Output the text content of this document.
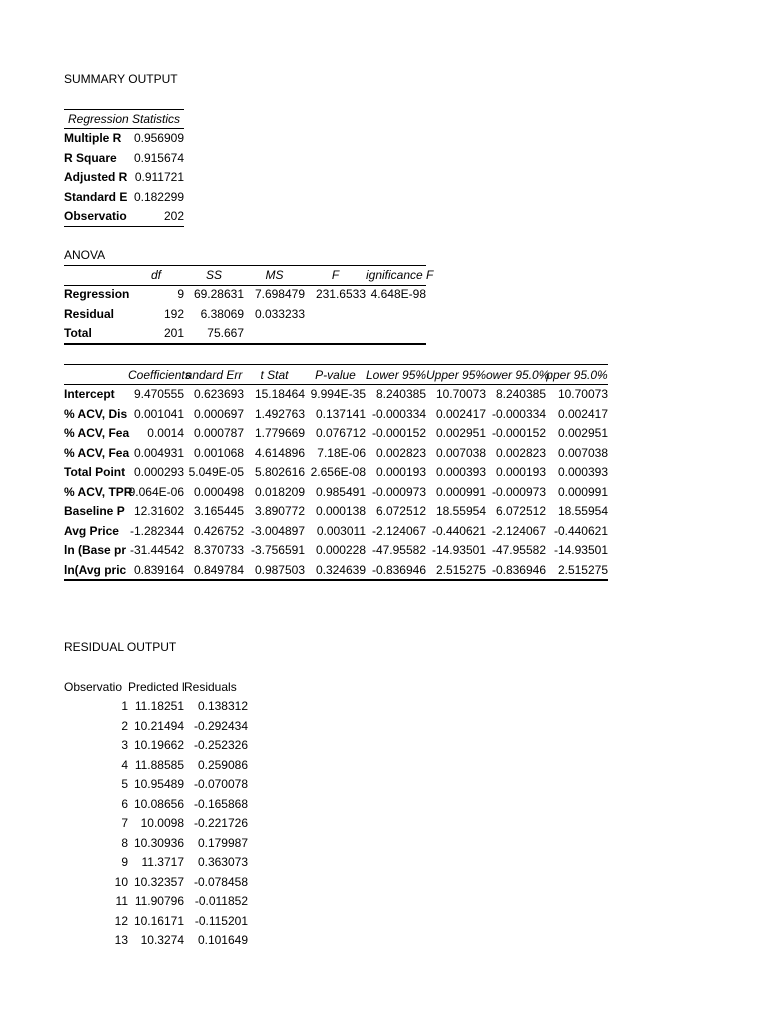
SUMMARY OUTPUT
Regression Statistics	
Multiple R	0.956909
R Square	0.915674
Adjusted R	0.911721
Standard E	0.182299
Observatio	202
ANOVA
	df	SS	MS	F	ignificance F
Regression	9	69.28631	7.698479	231.6533	4.648E-98
Residual	192	6.38069	0.033233		
Total	201	75.667			
	Coefficients	andard Err	t Stat	P-value	Lower 95%	Upper 95%	ower 95.0%	pper 95.0%
Intercept	9.470555	0.623693	15.18464	9.994E-35	8.240385	10.70073	8.240385	10.70073
% ACV, Dis	0.001041	0.000697	1.492763	0.137141	-0.000334	0.002417	-0.000334	0.002417
% ACV, Fea	0.0014	0.000787	1.779669	0.076712	-0.000152	0.002951	-0.000152	0.002951
% ACV, Fea	0.004931	0.001068	4.614896	7.18E-06	0.002823	0.007038	0.002823	0.007038
Total Point	0.000293	5.049E-05	5.802616	2.656E-08	0.000193	0.000393	0.000193	0.000393
% ACV, TPR	9.064E-06	0.000498	0.018209	0.985491	-0.000973	0.000991	-0.000973	0.000991
Baseline P	12.31602	3.165445	3.890772	0.000138	6.072512	18.55954	6.072512	18.55954
Avg Price	-1.282344	0.426752	-3.004897	0.003011	-2.124067	-0.440621	-2.124067	-0.440621
ln (Base pr	-31.44542	8.370733	-3.756591	0.000228	-47.95582	-14.93501	-47.95582	-14.93501
ln(Avg pric	0.839164	0.849784	0.987503	0.324639	-0.836946	2.515275	-0.836946	2.515275
RESIDUAL OUTPUT
Observatio	Predicted l	Residuals
1	11.18251	0.138312
2	10.21494	-0.292434
3	10.19662	-0.252326
4	11.88585	0.259086
5	10.95489	-0.070078
6	10.08656	-0.165868
7	10.0098	-0.221726
8	10.30936	0.179987
9	11.3717	0.363073
10	10.32357	-0.078458
11	11.90796	-0.011852
12	10.16171	-0.115201
13	10.3274	0.101649
